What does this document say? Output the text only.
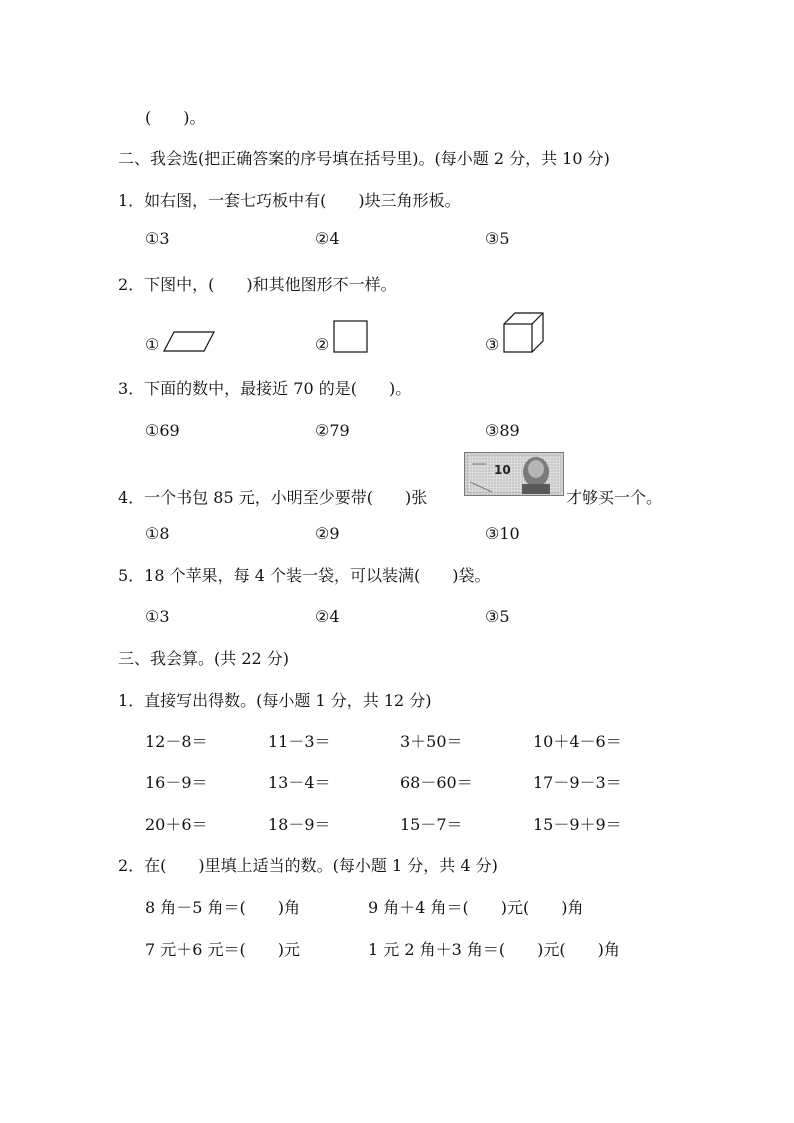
(　　)。
二、我会选(把正确答案的序号填在括号里)。(每小题 2 分，共 10 分)
1．如右图，一套七巧板中有(　　)块三角形板。
①3	②4	③5
2．下图中，(　　)和其他图形不一样。
①	②	③
3．下面的数中，最接近 70 的是(　　)。
①69	②79	③89
4．一个书包 85 元，小明至少要带(　　)张
10
才够买一个。
①8	②9	③10
5．18 个苹果，每 4 个装一袋，可以装满(　　)袋。
①3	②4	③5
三、我会算。(共 22 分)
1．直接写出得数。(每小题 1 分，共 12 分)
12－8＝	11－3＝	3＋50＝	10＋4－6＝
16－9＝	13－4＝	68－60＝	17－9－3＝
20＋6＝	18－9＝	15－7＝	15－9＋9＝
2．在(　　)里填上适当的数。(每小题 1 分，共 4 分)
8 角－5 角＝(　　)角	9 角＋4 角＝(　　)元(　　)角
7 元＋6 元＝(　　)元	1 元 2 角＋3 角＝(　　)元(　　)角
